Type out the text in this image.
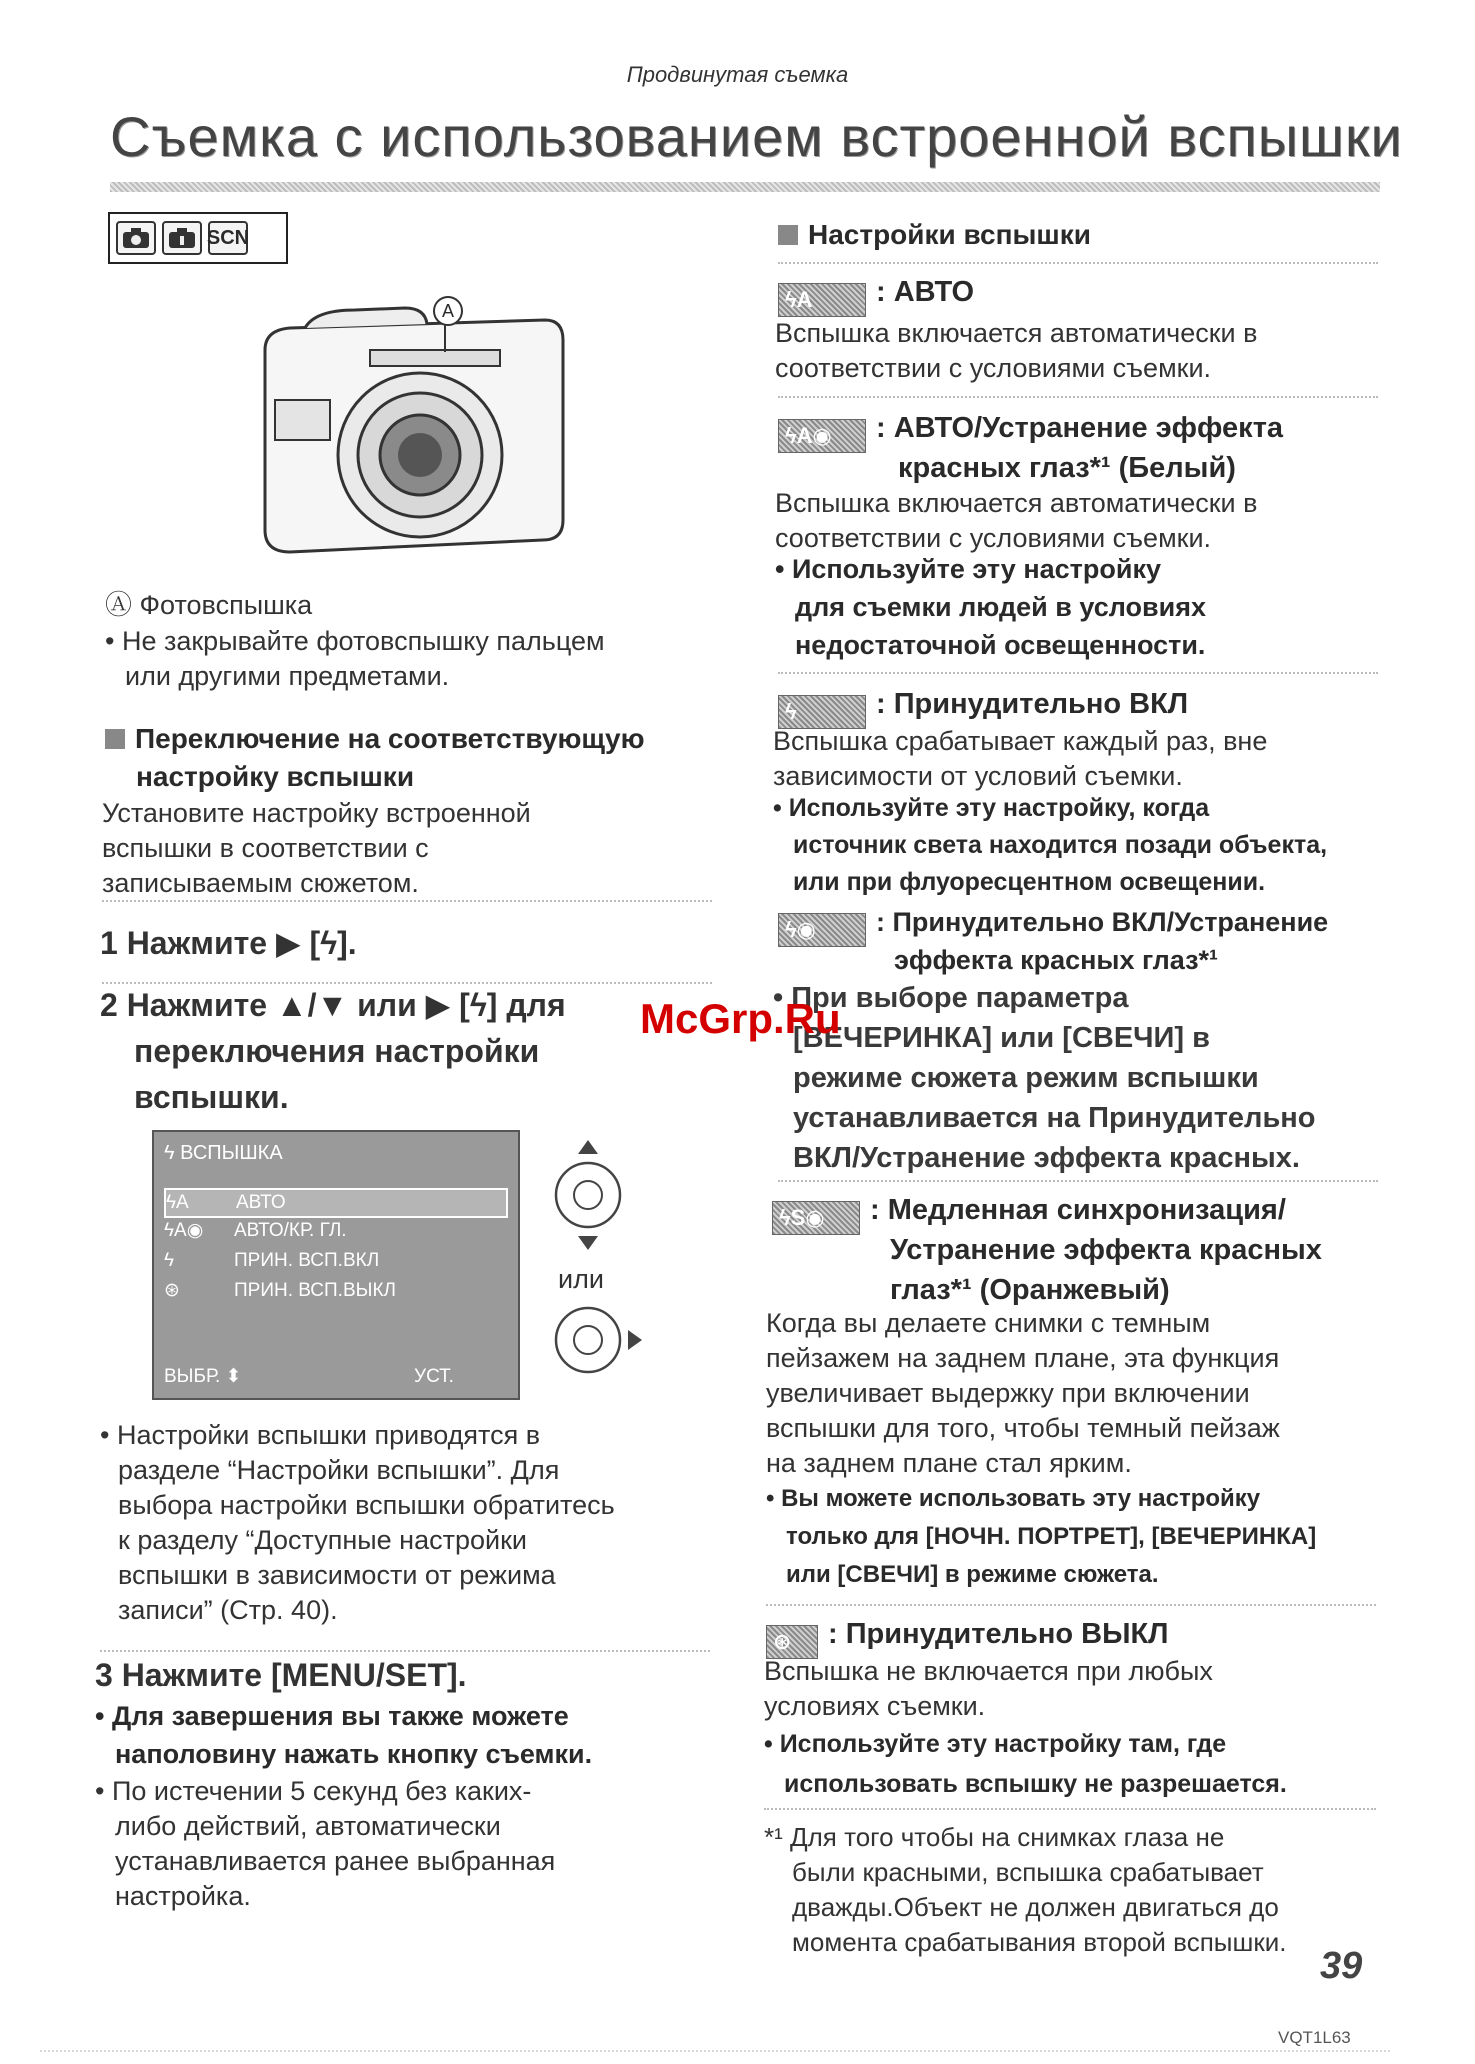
Продвинутая съемка
Съемка с использованием встроенной вспышки
SCN
A
Ⓐ Фотовспышка
• Не закрывайте фотовспышку пальцем
или другими предметами.
Переключение на соответствующую
настройку вспышки
Установите настройку встроенной
вспышки в соответствии с
записываемым сюжетом.
1 Нажмите ▶ [ϟ].
2 Нажмите ▲/▼ или ▶ [ϟ] для
переключения настройки
вспышки.
ϟ ВСПЫШКА
ϟA АВТО
ϟA◉ АВТО/КР. ГЛ.
ϟ	ПРИН. ВСП.ВКЛ
⊛	ПРИН. ВСП.ВЫКЛ
ВЫБР. ⬍	УСТ.
или
• Настройки вспышки приводятся в
разделе “Настройки вспышки”. Для
выбора настройки вспышки обратитесь
к разделу “Доступные настройки
вспышки в зависимости от режима
записи” (Стр. 40).
3 Нажмите [MENU/SET].
• Для завершения вы также можете
наполовину нажать кнопку съемки.
• По истечении 5 секунд без каких-
либо действий, автоматически
устанавливается ранее выбранная
настройка.
Настройки вспышки
ϟA : АВТО
Вспышка включается автоматически в
соответствии с условиями съемки.
ϟA◉ : АВТО/Устранение эффекта
красных глаз*¹ (Белый)
Вспышка включается автоматически в
соответствии с условиями съемки.
• Используйте эту настройку
для съемки людей в условиях
недостаточной освещенности.
ϟ	: Принудительно ВКЛ
Вспышка срабатывает каждый раз, вне
зависимости от условий съемки.
• Используйте эту настройку, когда
источник света находится позади объекта,
или при флуоресцентном освещении.
ϟ◉ : Принудительно ВКЛ/Устранение
эффекта красных глаз*¹
• При выборе параметра
[ВЕЧЕРИНКА] или [СВЕЧИ] в
режиме сюжета режим вспышки
устанавливается на Принудительно
ВКЛ/Устранение эффекта красных.
ϟS◉ : Медленная синхронизация/
Устранение эффекта красных
глаз*¹ (Оранжевый)
Когда вы делаете снимки с темным
пейзажем на заднем плане, эта функция
увеличивает выдержку при включении
вспышки для того, чтобы темный пейзаж
на заднем плане стал ярким.
• Вы можете использовать эту настройку
только для [НОЧН. ПОРТРЕТ], [ВЕЧЕРИНКА]
или [СВЕЧИ] в режиме сюжета.
⊛ : Принудительно ВЫКЛ
Вспышка не включается при любых
условиях съемки.
• Используйте эту настройку там, где
использовать вспышку не разрешается.
*¹ Для того чтобы на снимках глаза не
были красными, вспышка срабатывает
дважды.Объект не должен двигаться до
момента срабатывания второй вспышки.
McGrp.Ru
39
VQT1L63
